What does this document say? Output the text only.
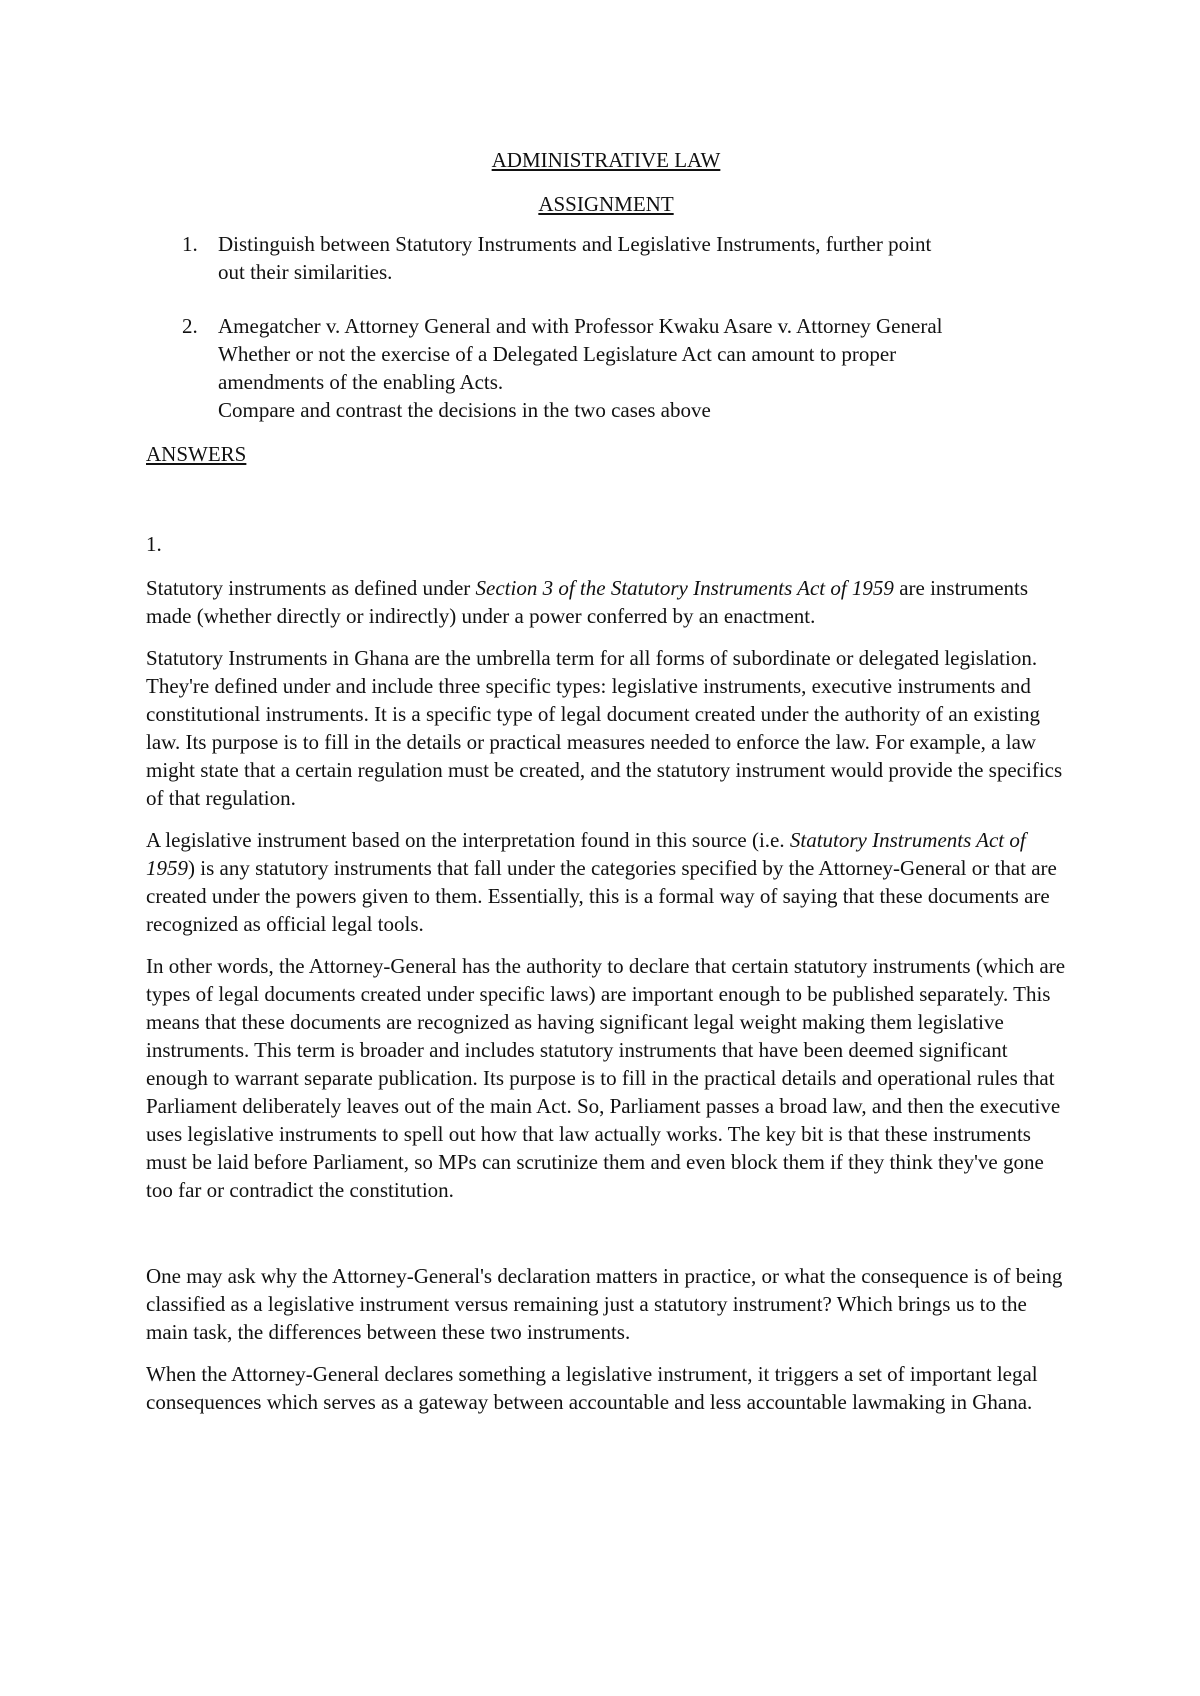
ADMINISTRATIVE LAW

ASSIGNMENT

1. Distinguish between Statutory Instruments and Legislative Instruments, further point
out their similarities.
2. Amegatcher v. Attorney General and with Professor Kwaku Asare v. Attorney General
Whether or not the exercise of a Delegated Legislature Act can amount to proper
amendments of the enabling Acts.
Compare and contrast the decisions in the two cases above

ANSWERS

1.

Statutory instruments as defined under Section 3 of the Statutory Instruments Act of 1959 are instruments made (whether directly or indirectly) under a power conferred by an enactment.

Statutory Instruments in Ghana are the umbrella term for all forms of subordinate or delegated legislation. They're defined under and include three specific types: legislative instruments, executive instruments and constitutional instruments. It is a specific type of legal document created under the authority of an existing law. Its purpose is to fill in the details or practical measures needed to enforce the law. For example, a law might state that a certain regulation must be created, and the statutory instrument would provide the specifics of that regulation.

A legislative instrument based on the interpretation found in this source (i.e. Statutory Instruments Act of 1959) is any statutory instruments that fall under the categories specified by the Attorney-General or that are created under the powers given to them. Essentially, this is a formal way of saying that these documents are recognized as official legal tools.

In other words, the Attorney-General has the authority to declare that certain statutory instruments (which are types of legal documents created under specific laws) are important enough to be published separately. This means that these documents are recognized as having significant legal weight making them legislative instruments. This term is broader and includes statutory instruments that have been deemed significant enough to warrant separate publication. Its purpose is to fill in the practical details and operational rules that Parliament deliberately leaves out of the main Act. So, Parliament passes a broad law, and then the executive uses legislative instruments to spell out how that law actually works. The key bit is that these instruments must be laid before Parliament, so MPs can scrutinize them and even block them if they think they've gone too far or contradict the constitution.

One may ask why the Attorney-General's declaration matters in practice, or what the consequence is of being classified as a legislative instrument versus remaining just a statutory instrument? Which brings us to the main task, the differences between these two instruments.

When the Attorney-General declares something a legislative instrument, it triggers a set of important legal consequences which serves as a gateway between accountable and less accountable lawmaking in Ghana.
